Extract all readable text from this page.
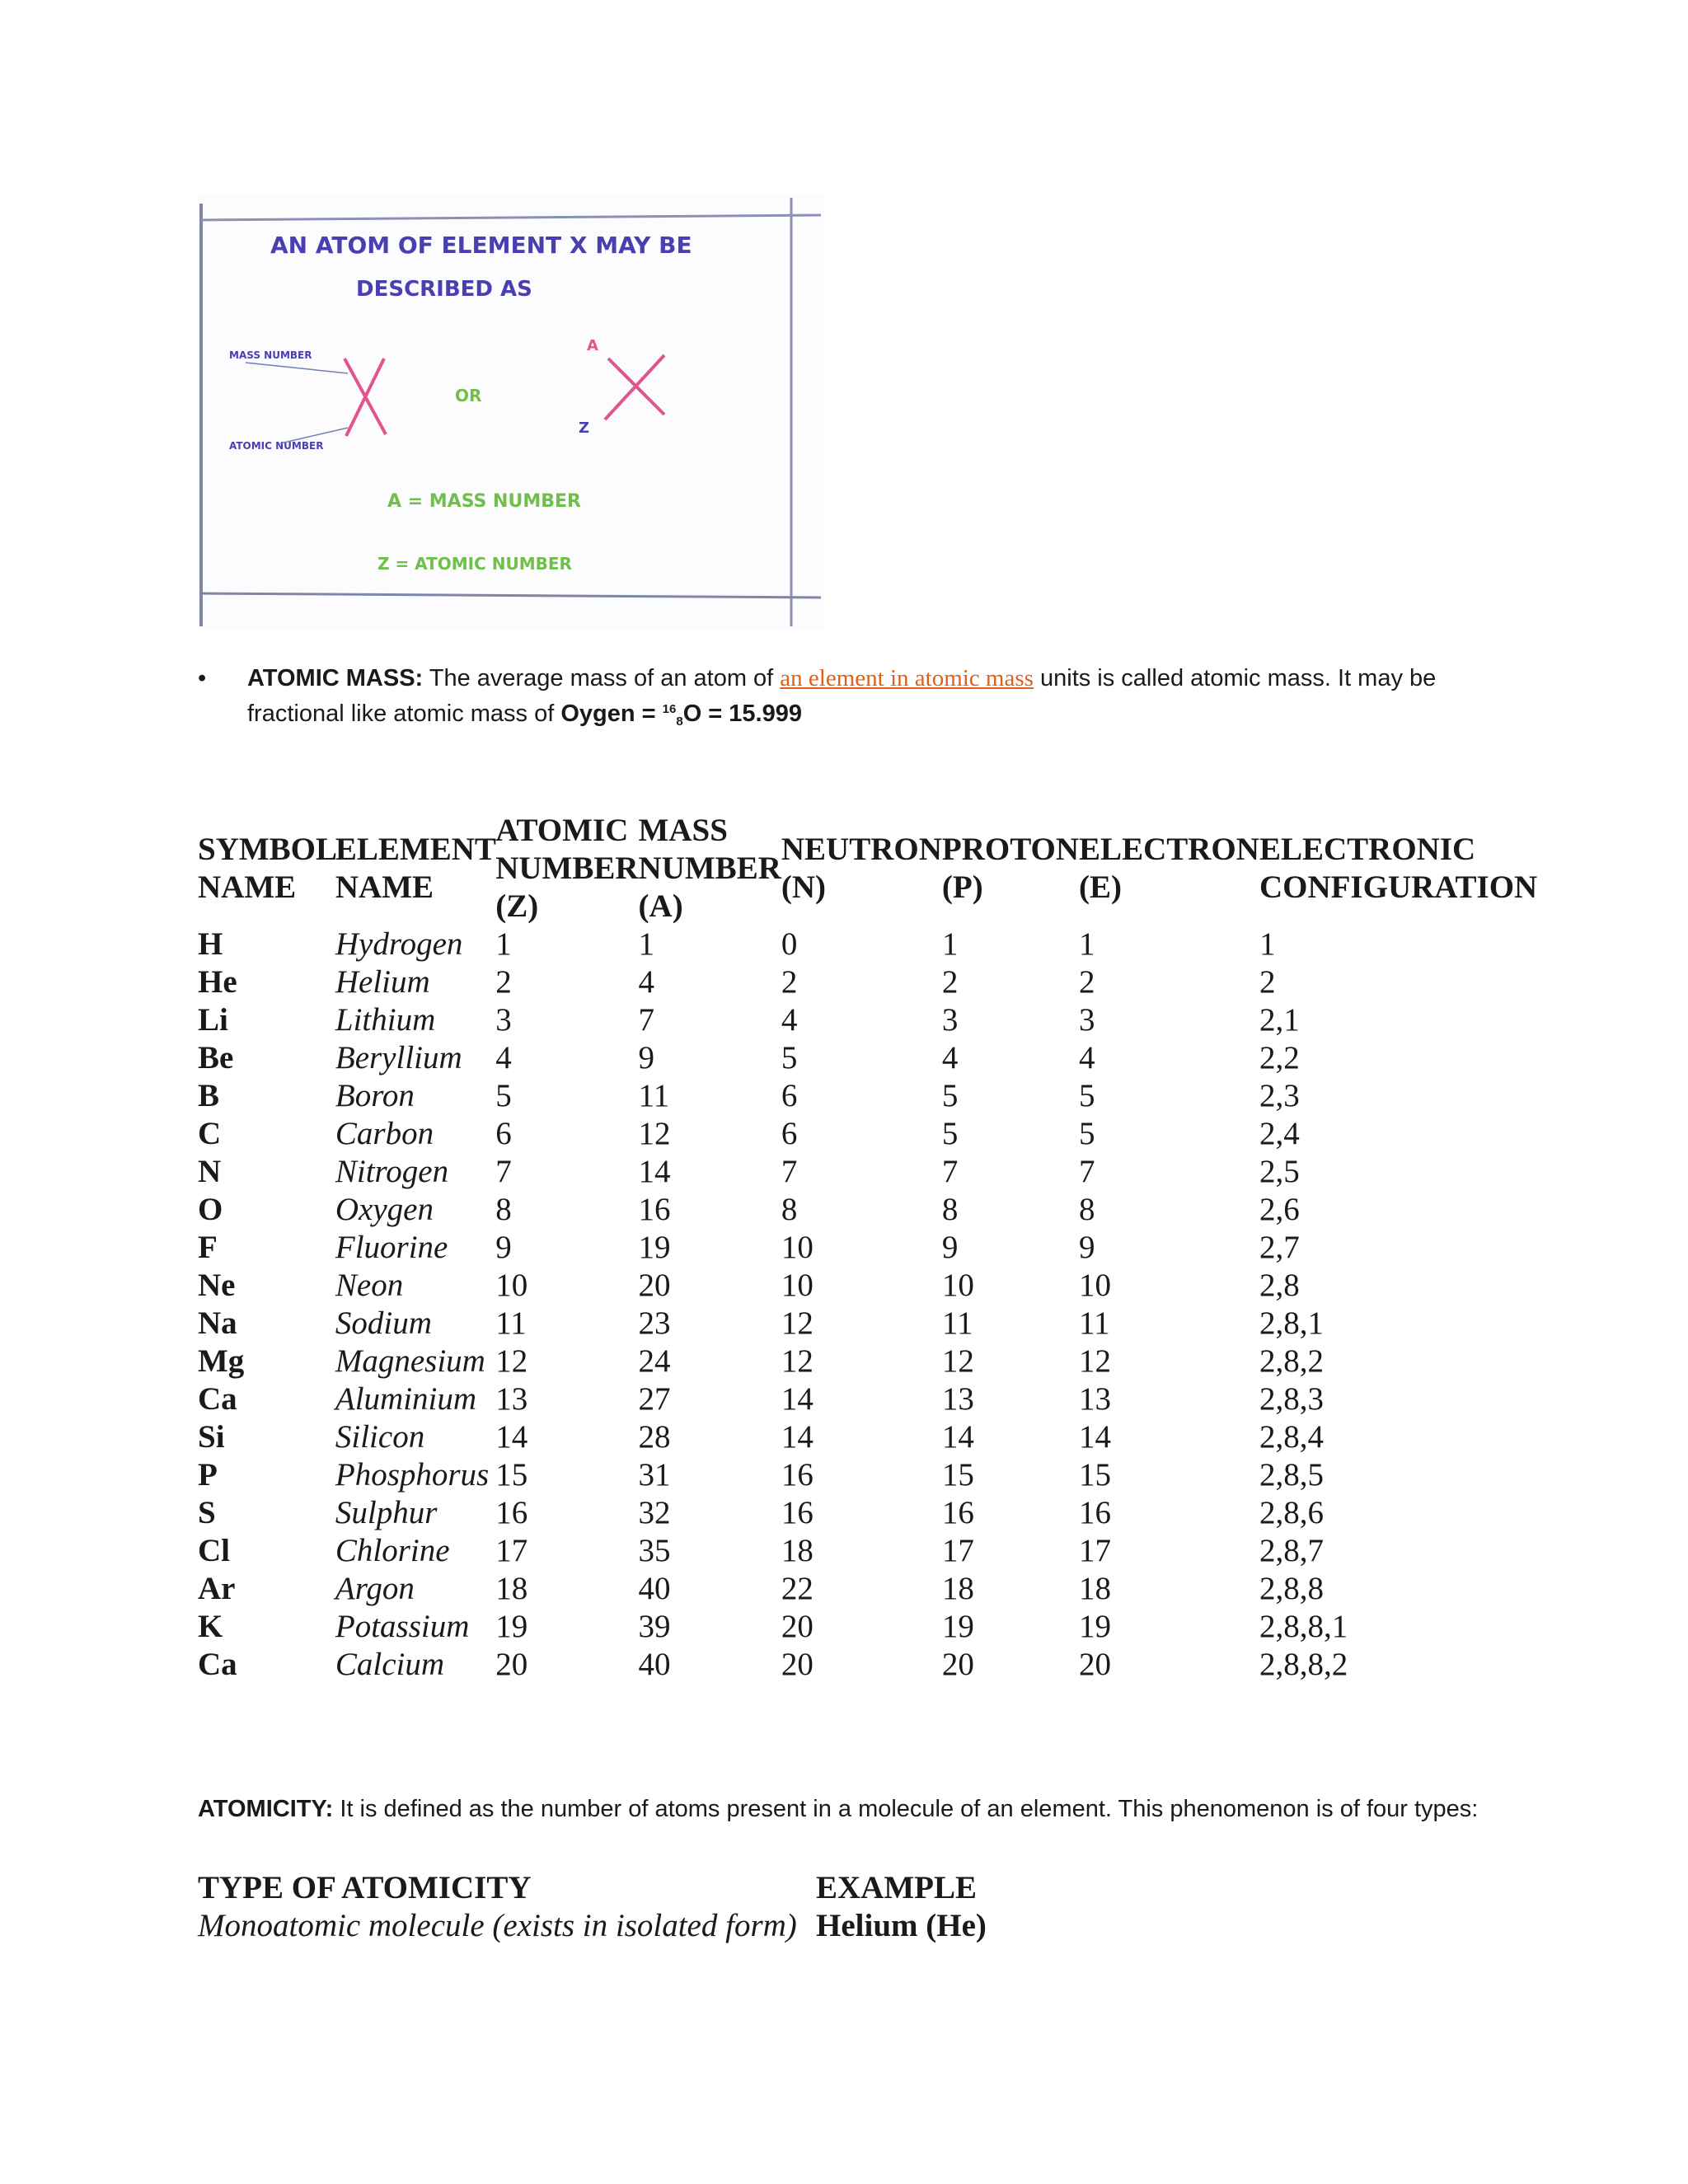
AN ATOM OF ELEMENT X MAY BE
DESCRIBED AS
MASS NUMBER
ATOMIC NUMBER
OR
A
Z
A = MASS NUMBER
Z = ATOMIC NUMBER
• ATOMIC MASS: The average mass of an atom of an element in atomic mass units is called atomic mass. It may be fractional like atomic mass of Oygen = $^{16}_8$O = 15.999
SYMBOL NAME	ELEMENT NAME	ATOMIC NUMBER (Z)	MASS NUMBER (A)	NEUTRON (N)	PROTON (P)	ELECTRON (E)	ELECTRONIC CONFIGURATION
H	Hydrogen	1	1	0	1	1	1
He	Helium	2	4	2	2	2	2
Li	Lithium	3	7	4	3	3	2,1
Be	Beryllium	4	9	5	4	4	2,2
B	Boron	5	11	6	5	5	2,3
C	Carbon	6	12	6	5	5	2,4
N	Nitrogen	7	14	7	7	7	2,5
O	Oxygen	8	16	8	8	8	2,6
F	Fluorine	9	19	10	9	9	2,7
Ne	Neon	10	20	10	10	10	2,8
Na	Sodium	11	23	12	11	11	2,8,1
Mg	Magnesium	12	24	12	12	12	2,8,2
Ca	Aluminium	13	27	14	13	13	2,8,3
Si	Silicon	14	28	14	14	14	2,8,4
P	Phosphorus	15	31	16	15	15	2,8,5
S	Sulphur	16	32	16	16	16	2,8,6
Cl	Chlorine	17	35	18	17	17	2,8,7
Ar	Argon	18	40	22	18	18	2,8,8
K	Potassium	19	39	20	19	19	2,8,8,1
Ca	Calcium	20	40	20	20	20	2,8,8,2
ATOMICITY: It is defined as the number of atoms present in a molecule of an element. This phenomenon is of four types:
TYPE OF ATOMICITY	EXAMPLE
Monoatomic molecule (exists in isolated form)	Helium (He)
